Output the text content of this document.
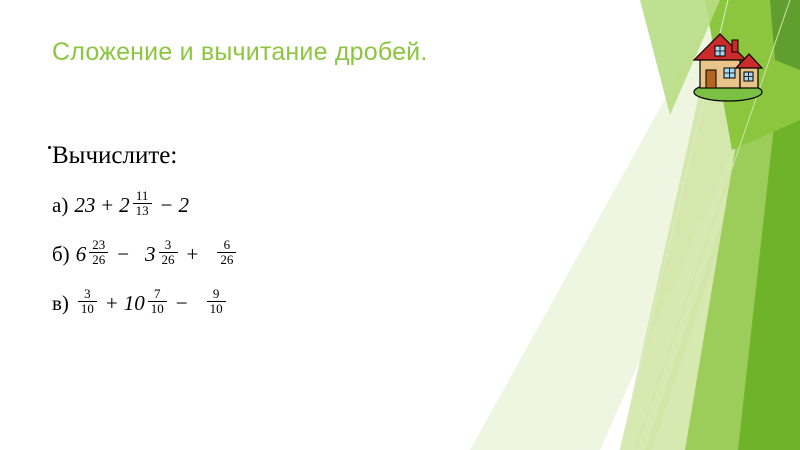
Сложение и вычитание дробей.

Вычислите:

а) $23 + 2 \frac{11}{13} - 2$
б) $6 \frac{23}{26} - 3 \frac{3}{26} + \frac{6}{26}$
$в) \frac{3}{10} + 10 \frac{7}{10} - \frac{9}{10}$
